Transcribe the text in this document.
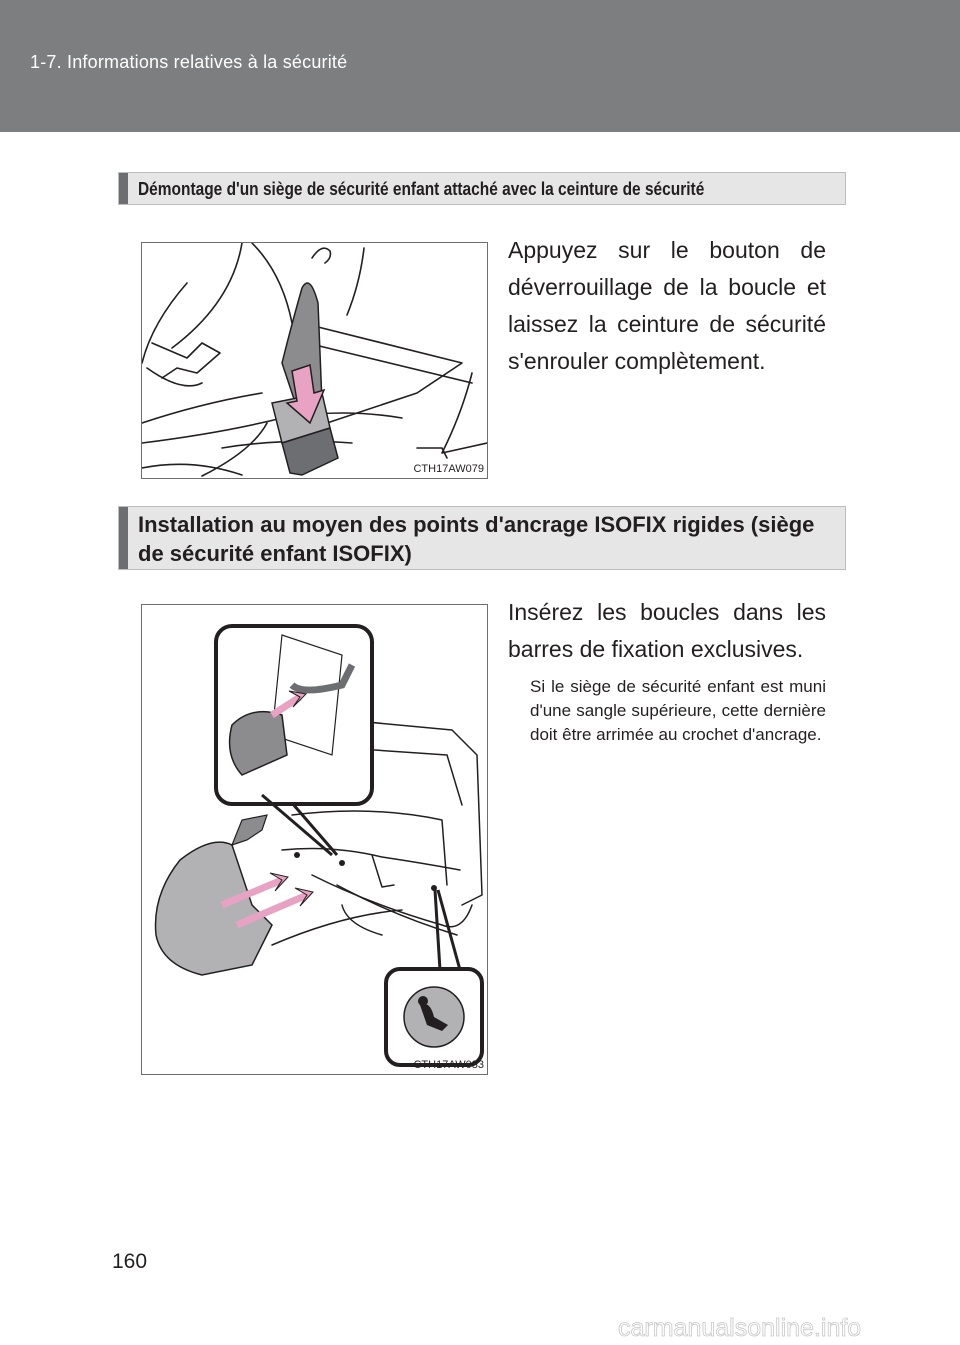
1-7. Informations relatives à la sécurité
Démontage d'un siège de sécurité enfant attaché avec la ceinture de sécurité
CTH17AW079
Appuyez sur le bouton de déverrouillage de la boucle et laissez la ceinture de sécurité s'enrouler complètement.
Installation au moyen des points d'ancrage ISOFIX rigides (siège de sécurité enfant ISOFIX)
CTH17AW083
Insérez les boucles dans les barres de fixation exclusives.
Si le siège de sécurité enfant est muni d'une sangle supérieure, cette dernière doit être arrimée au crochet d'ancrage.
160
carmanualsonline.info
